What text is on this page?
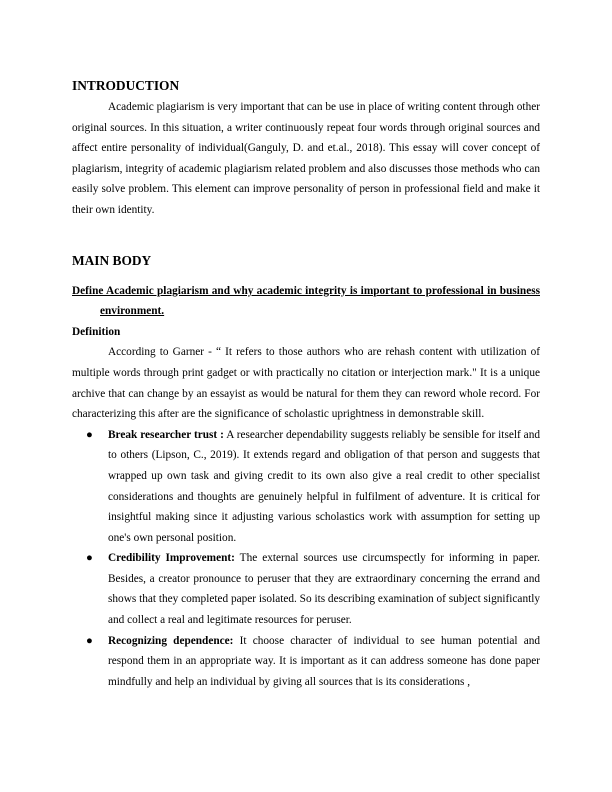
INTRODUCTION

Academic plagiarism is very important that can be use in place of writing content through other original sources. In this situation, a writer continuously repeat four words through original sources and affect entire personality of individual(Ganguly, D. and et.al., 2018). This essay will cover concept of plagiarism, integrity of academic plagiarism related problem and also discusses those methods who can easily solve problem. This element can improve personality of person in professional field and make it their own identity.

MAIN BODY

Define Academic plagiarism and why academic integrity is important to professional in business environment.

Definition

According to Garner - “ It refers to those authors who are rehash content with utilization of multiple words through print gadget or with practically no citation or interjection mark." It is a unique archive that can change by an essayist as would be natural for them they can reword whole record. For characterizing this after are the significance of scholastic uprightness in demonstrable skill.

● Break researcher trust : A researcher dependability suggests reliably be sensible for itself and to others (Lipson, C., 2019). It extends regard and obligation of that person and suggests that wrapped up own task and giving credit to its own also give a real credit to other specialist considerations and thoughts are genuinely helpful in fulfilment of adventure. It is critical for insightful making since it adjusting various scholastics work with assumption for setting up one's own personal position.

● Credibility Improvement: The external sources use circumspectly for informing in paper. Besides, a creator pronounce to peruser that they are extraordinary concerning the errand and shows that they completed paper isolated. So its describing examination of subject significantly and collect a real and legitimate resources for peruser.

● Recognizing dependence: It choose character of individual to see human potential and respond them in an appropriate way. It is important as it can address someone has done paper mindfully and help an individual by giving all sources that is its considerations ,
